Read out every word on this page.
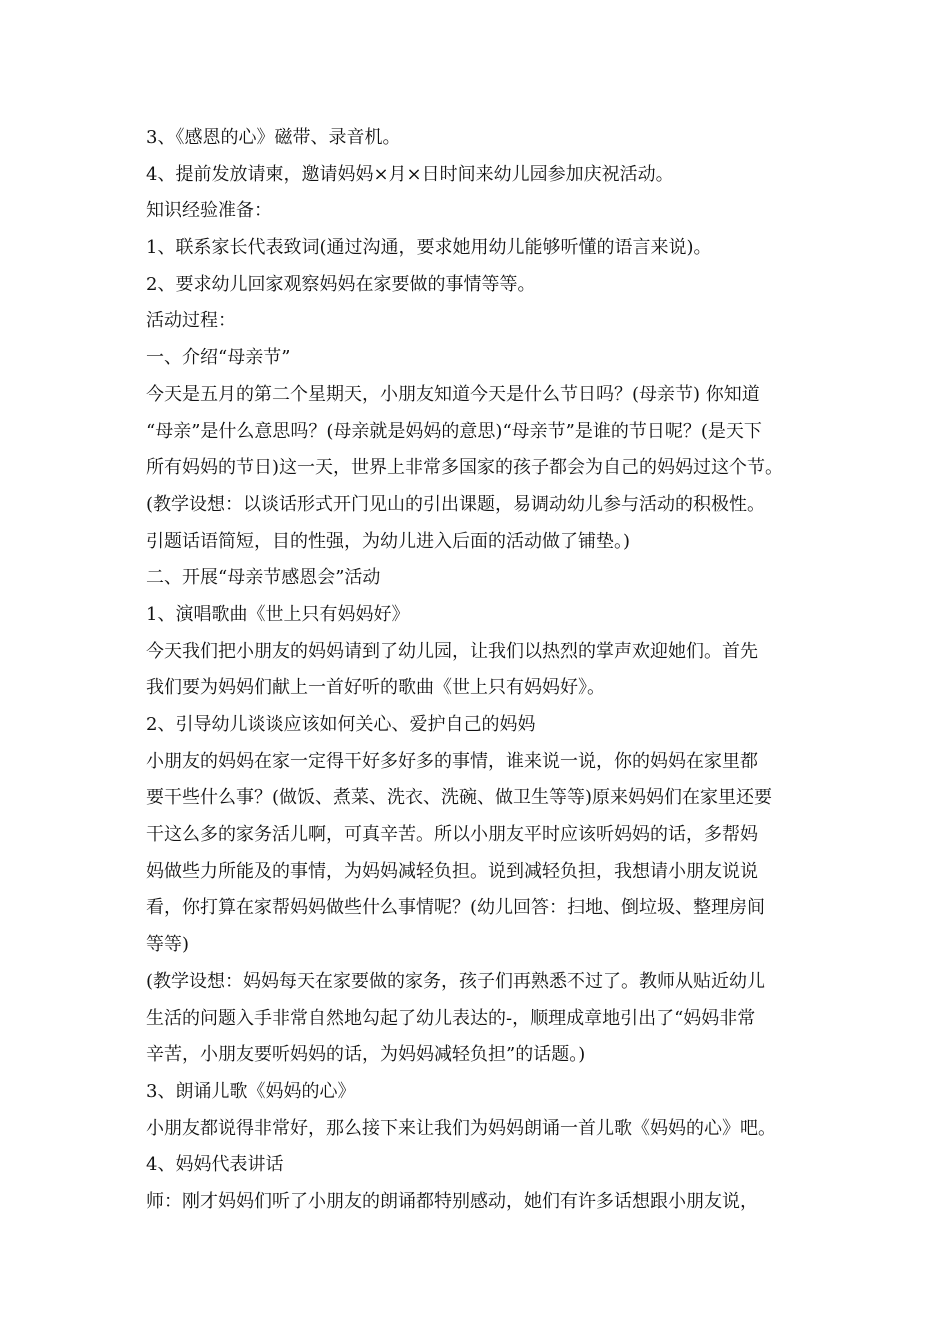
3、《感恩的心》磁带、录音机。
4、提前发放请柬，邀请妈妈×月×日时间来幼儿园参加庆祝活动。
知识经验准备：
1、联系家长代表致词(通过沟通，要求她用幼儿能够听懂的语言来说)。
2、要求幼儿回家观察妈妈在家要做的事情等等。
活动过程：
一、介绍“母亲节”
今天是五月的第二个星期天，小朋友知道今天是什么节日吗？(母亲节) 你知道
“母亲”是什么意思吗？(母亲就是妈妈的意思)“母亲节”是谁的节日呢？(是天下
所有妈妈的节日)这一天，世界上非常多国家的孩子都会为自己的妈妈过这个节。
(教学设想：以谈话形式开门见山的引出课题，易调动幼儿参与活动的积极性。
引题话语简短，目的性强，为幼儿进入后面的活动做了铺垫。)
二、开展“母亲节感恩会”活动
1、演唱歌曲《世上只有妈妈好》
今天我们把小朋友的妈妈请到了幼儿园，让我们以热烈的掌声欢迎她们。首先
我们要为妈妈们献上一首好听的歌曲《世上只有妈妈好》。
2、引导幼儿谈谈应该如何关心、爱护自己的妈妈
小朋友的妈妈在家一定得干好多好多的事情，谁来说一说，你的妈妈在家里都
要干些什么事？(做饭、煮菜、洗衣、洗碗、做卫生等等)原来妈妈们在家里还要
干这么多的家务活儿啊，可真辛苦。所以小朋友平时应该听妈妈的话，多帮妈
妈做些力所能及的事情，为妈妈减轻负担。说到减轻负担，我想请小朋友说说
看，你打算在家帮妈妈做些什么事情呢？(幼儿回答：扫地、倒垃圾、整理房间
等等)
(教学设想：妈妈每天在家要做的家务，孩子们再熟悉不过了。教师从贴近幼儿
生活的问题入手非常自然地勾起了幼儿表达的-，顺理成章地引出了“妈妈非常
辛苦，小朋友要听妈妈的话，为妈妈减轻负担”的话题。)
3、朗诵儿歌《妈妈的心》
小朋友都说得非常好，那么接下来让我们为妈妈朗诵一首儿歌《妈妈的心》吧。
4、妈妈代表讲话
师：刚才妈妈们听了小朋友的朗诵都特别感动，她们有许多话想跟小朋友说，
